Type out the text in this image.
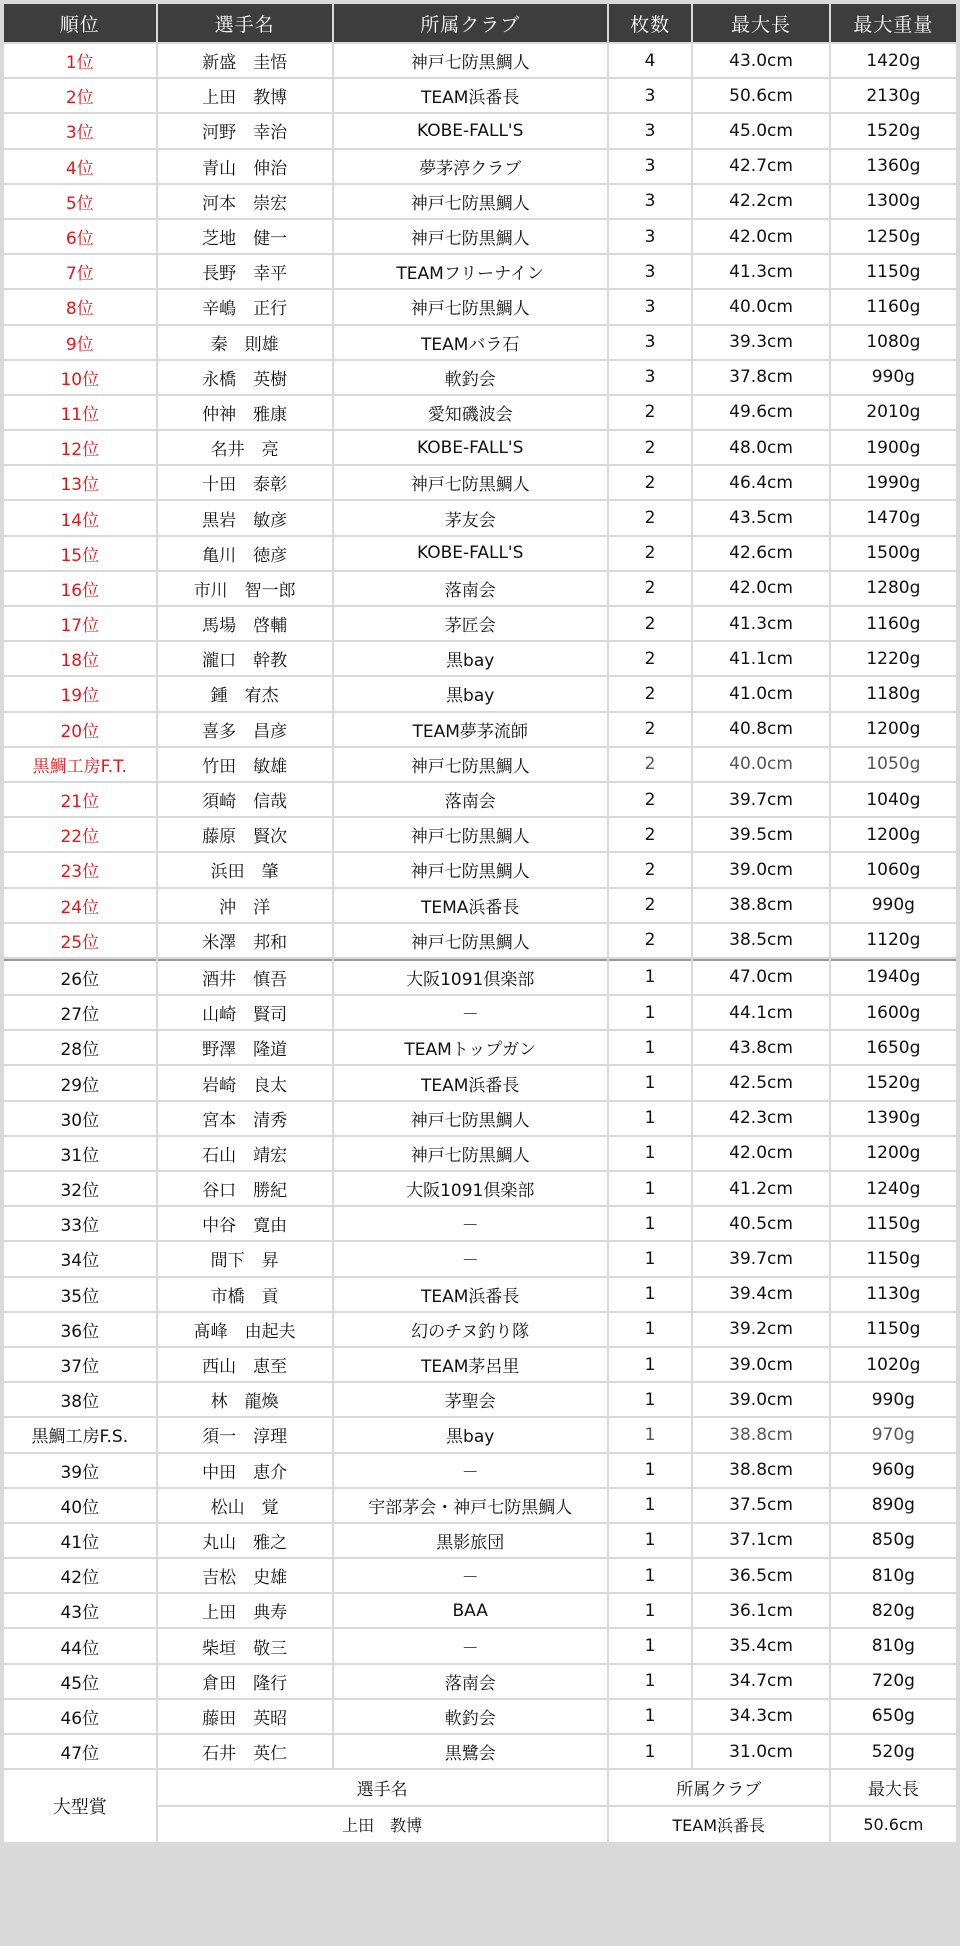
順位	選手名	所属クラブ	枚数	最大長	最大重量
1位	新盛　圭悟	神戸七防黒鯛人	4	43.0cm	1420g
2位	上田　教博	TEAM浜番長	3	50.6cm	2130g
3位	河野　幸治	KOBE-FALL'S	3	45.0cm	1520g
4位	青山　伸治	夢茅渟クラブ	3	42.7cm	1360g
5位	河本　崇宏	神戸七防黒鯛人	3	42.2cm	1300g
6位	芝地　健一	神戸七防黒鯛人	3	42.0cm	1250g
7位	長野　幸平	TEAMフリーナイン	3	41.3cm	1150g
8位	辛嶋　正行	神戸七防黒鯛人	3	40.0cm	1160g
9位	秦　則雄	TEAMバラ石	3	39.3cm	1080g
10位	永橋　英樹	軟釣会	3	37.8cm	990g
11位	仲神　雅康	愛知磯波会	2	49.6cm	2010g
12位	名井　亮	KOBE-FALL'S	2	48.0cm	1900g
13位	十田　泰彰	神戸七防黒鯛人	2	46.4cm	1990g
14位	黒岩　敏彦	茅友会	2	43.5cm	1470g
15位	亀川　徳彦	KOBE-FALL'S	2	42.6cm	1500g
16位	市川　智一郎	落南会	2	42.0cm	1280g
17位	馬場　啓輔	茅匠会	2	41.3cm	1160g
18位	瀧口　幹教	黒bay	2	41.1cm	1220g
19位	鍾　宥杰	黒bay	2	41.0cm	1180g
20位	喜多　昌彦	TEAM夢茅流師	2	40.8cm	1200g
黒鯛工房F.T.	竹田　敏雄	神戸七防黒鯛人	2	40.0cm	1050g
21位	須崎　信哉	落南会	2	39.7cm	1040g
22位	藤原　賢次	神戸七防黒鯛人	2	39.5cm	1200g
23位	浜田　肇	神戸七防黒鯛人	2	39.0cm	1060g
24位	沖　洋	TEMA浜番長	2	38.8cm	990g
25位	米澤　邦和	神戸七防黒鯛人	2	38.5cm	1120g
26位	酒井　慎吾	大阪1091倶楽部	1	47.0cm	1940g
27位	山崎　賢司	－	1	44.1cm	1600g
28位	野澤　隆道	TEAMトップガン	1	43.8cm	1650g
29位	岩崎　良太	TEAM浜番長	1	42.5cm	1520g
30位	宮本　清秀	神戸七防黒鯛人	1	42.3cm	1390g
31位	石山　靖宏	神戸七防黒鯛人	1	42.0cm	1200g
32位	谷口　勝紀	大阪1091倶楽部	1	41.2cm	1240g
33位	中谷　寛由	－	1	40.5cm	1150g
34位	間下　昇	－	1	39.7cm	1150g
35位	市橋　貢	TEAM浜番長	1	39.4cm	1130g
36位	髙峰　由起夫	幻のチヌ釣り隊	1	39.2cm	1150g
37位	西山　恵至	TEAM茅呂里	1	39.0cm	1020g
38位	林　龍煥	茅聖会	1	39.0cm	990g
黒鯛工房F.S.	須一　淳理	黒bay	1	38.8cm	970g
39位	中田　恵介	－	1	38.8cm	960g
40位	松山　覚	宇部茅会・神戸七防黒鯛人	1	37.5cm	890g
41位	丸山　雅之	黒影旅団	1	37.1cm	850g
42位	吉松　史雄	－	1	36.5cm	810g
43位	上田　典寿	BAA	1	36.1cm	820g
44位	柴垣　敬三	－	1	35.4cm	810g
45位	倉田　隆行	落南会	1	34.7cm	720g
46位	藤田　英昭	軟釣会	1	34.3cm	650g
47位	石井　英仁	黒鷺会	1	31.0cm	520g
大型賞	選手名		所属クラブ		最大長
	上田　教博		TEAM浜番長		50.6cm
